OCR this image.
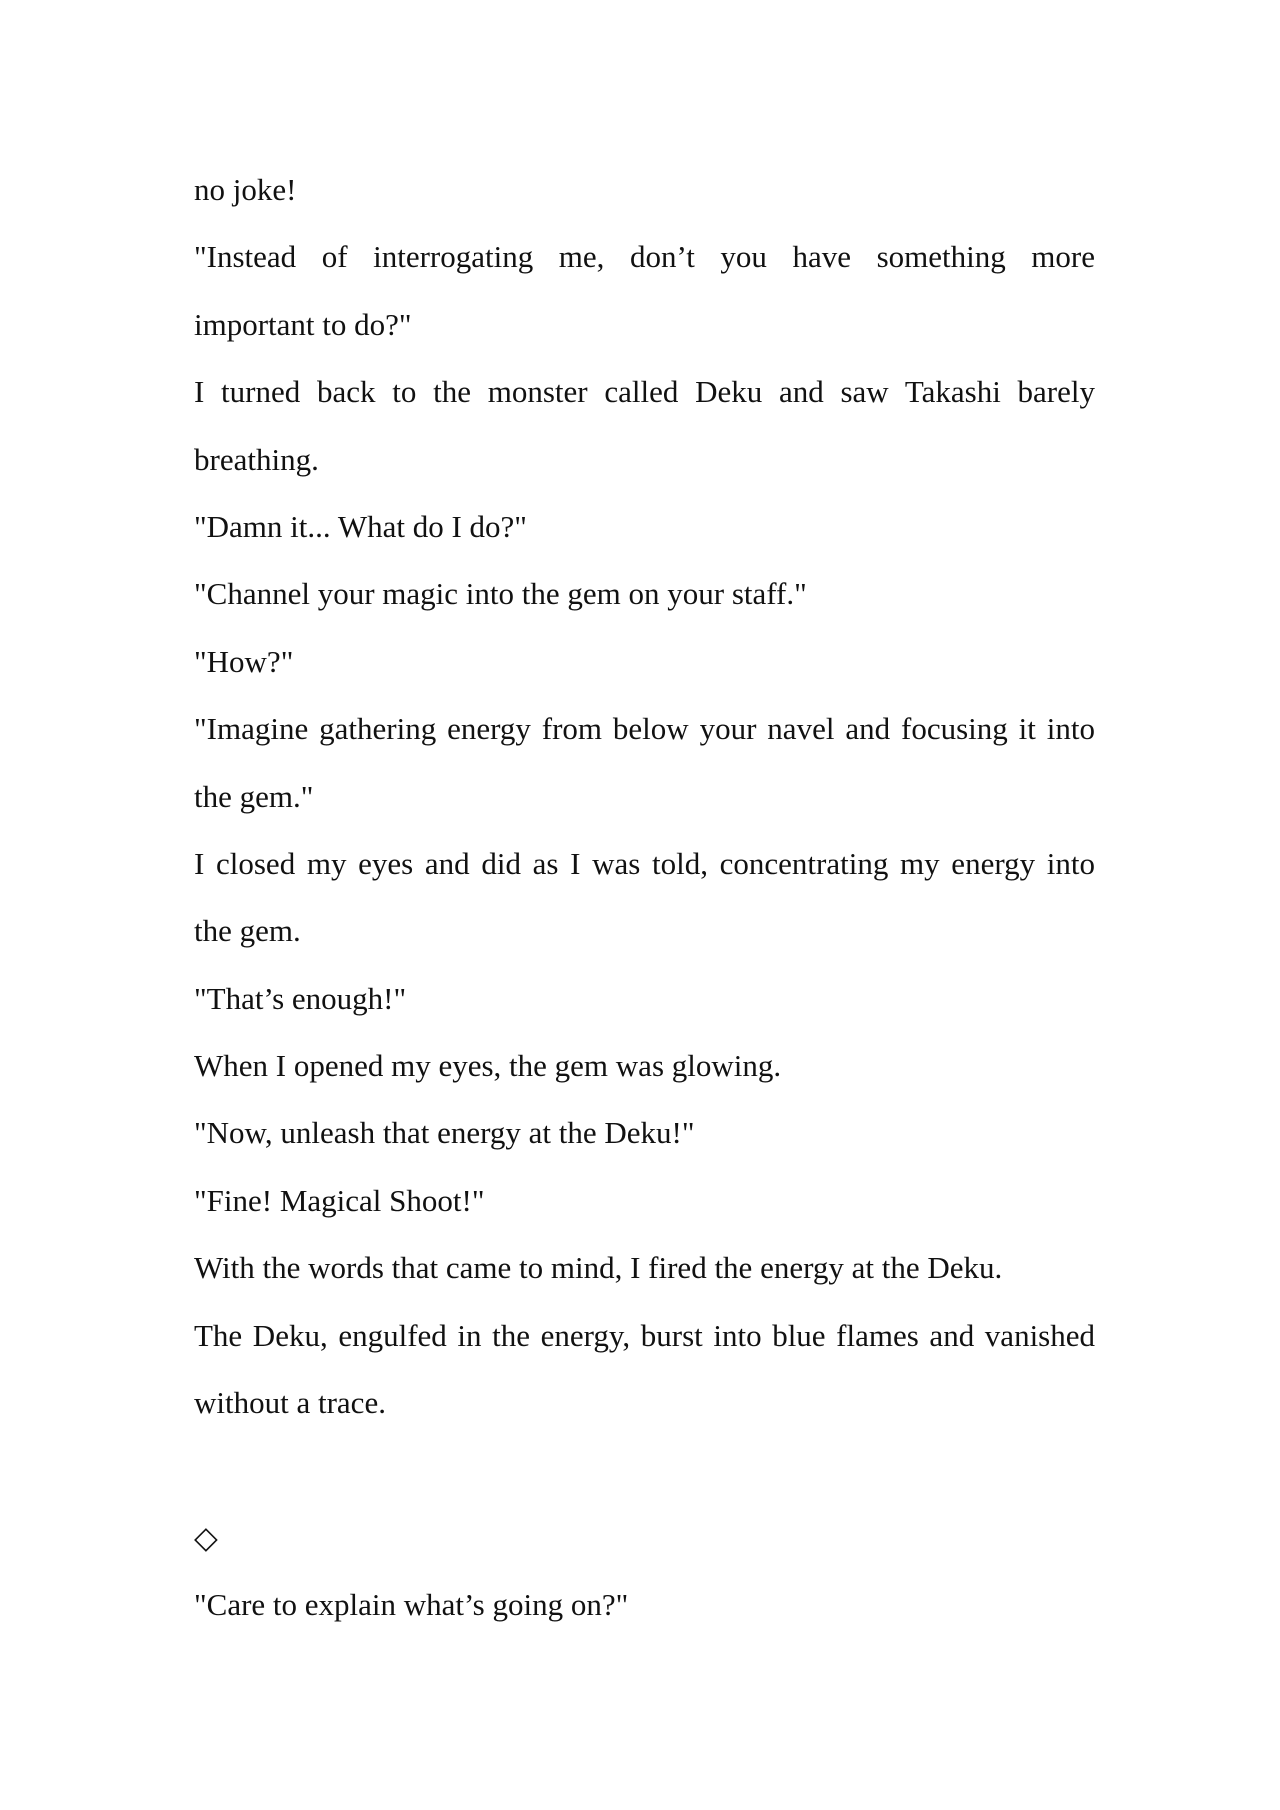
no joke!
"Instead of interrogating me, don’t you have something more
important to do?"
I turned back to the monster called Deku and saw Takashi barely
breathing.
"Damn it... What do I do?"
"Channel your magic into the gem on your staff."
"How?"
"Imagine gathering energy from below your navel and focusing it into
the gem."
I closed my eyes and did as I was told, concentrating my energy into
the gem.
"That’s enough!"
When I opened my eyes, the gem was glowing.
"Now, unleash that energy at the Deku!"
"Fine! Magical Shoot!"
With the words that came to mind, I fired the energy at the Deku.
The Deku, engulfed in the energy, burst into blue flames and vanished
without a trace.
◇
"Care to explain what’s going on?"
